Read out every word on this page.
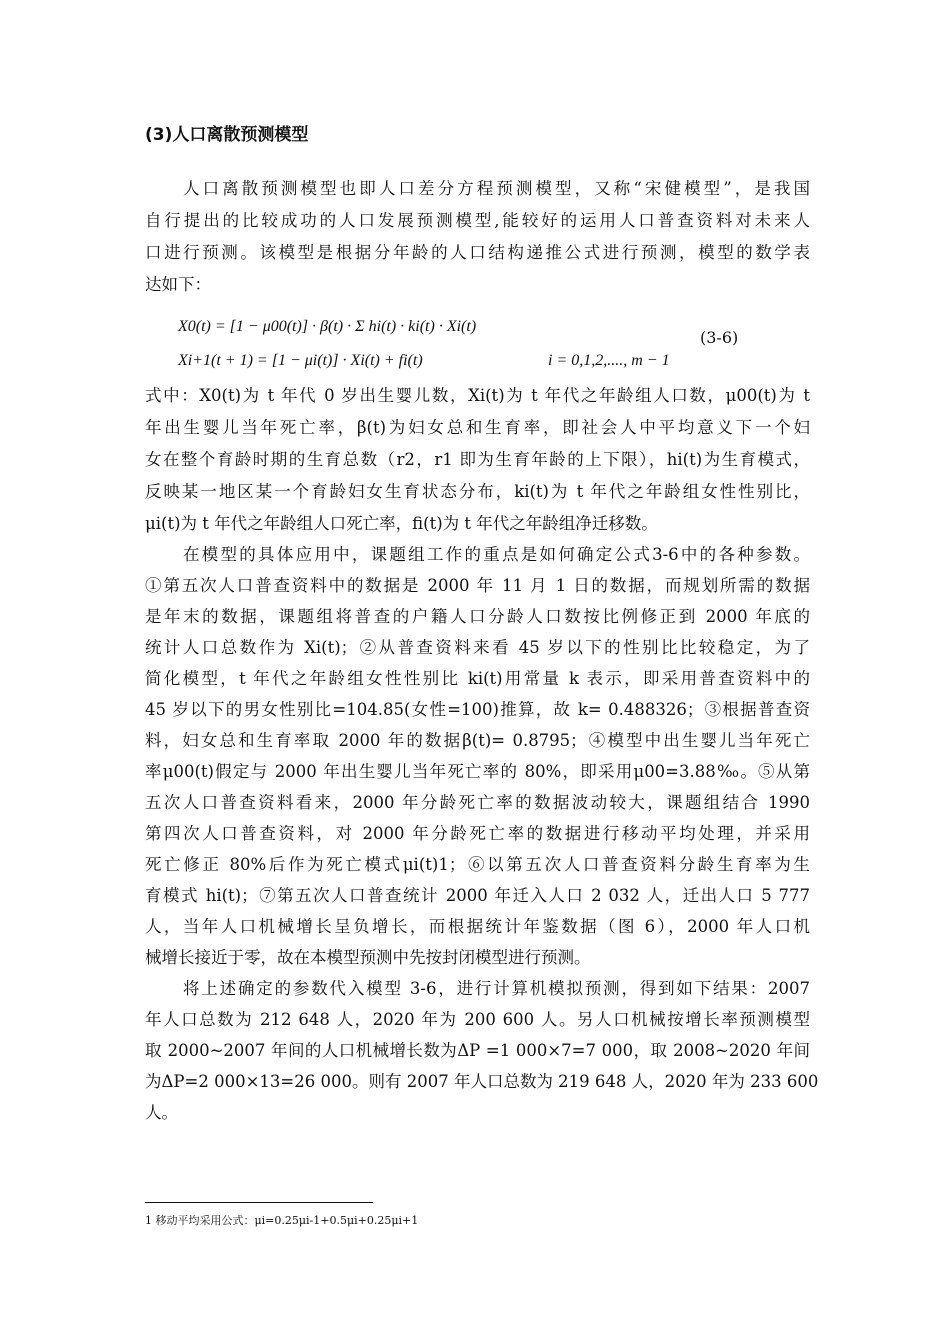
(3)人口离散预测模型
人口离散预测模型也即人口差分方程预测模型，又称“宋健模型”，是我国
自行提出的比较成功的人口发展预测模型,能较好的运用人口普查资料对未来人
口进行预测。该模型是根据分年龄的人口结构递推公式进行预测，模型的数学表
达如下：
X0(t) = [1 − μ00(t)] · β(t) · Σ hi(t) · ki(t) · Xi(t)
(3-6)
Xi+1(t + 1) = [1 − μi(t)] · Xi(t) + fi(t)	i = 0,1,2,...., m − 1
式中：X0(t)为 t 年代 0 岁出生婴儿数，Xi(t)为 t 年代之年龄组人口数，μ00(t)为 t
年出生婴儿当年死亡率，β(t)为妇女总和生育率，即社会人中平均意义下一个妇
女在整个育龄时期的生育总数（r2，r1 即为生育年龄的上下限），hi(t)为生育模式，
反映某一地区某一个育龄妇女生育状态分布，ki(t)为 t 年代之年龄组女性性别比，
μi(t)为 t 年代之年龄组人口死亡率，fi(t)为 t 年代之年龄组净迁移数。
在模型的具体应用中，课题组工作的重点是如何确定公式3-6中的各种参数。
①第五次人口普查资料中的数据是 2000 年 11 月 1 日的数据，而规划所需的数据
是年末的数据，课题组将普查的户籍人口分龄人口数按比例修正到 2000 年底的
统计人口总数作为 Xi(t)；②从普查资料来看 45 岁以下的性别比比较稳定，为了
简化模型，t 年代之年龄组女性性别比 ki(t)用常量 k 表示，即采用普查资料中的
45 岁以下的男女性别比=104.85(女性=100)推算，故 k= 0.488326；③根据普查资
料，妇女总和生育率取 2000 年的数据β(t)= 0.8795；④模型中出生婴儿当年死亡
率μ00(t)假定与 2000 年出生婴儿当年死亡率的 80%，即采用μ00=3.88‰。⑤从第
五次人口普查资料看来，2000 年分龄死亡率的数据波动较大，课题组结合 1990
第四次人口普查资料，对 2000 年分龄死亡率的数据进行移动平均处理，并采用
死亡修正 80%后作为死亡模式μi(t)1；⑥以第五次人口普查资料分龄生育率为生
育模式 hi(t)；⑦第五次人口普查统计 2000 年迁入人口 2 032 人，迁出人口 5 777
人，当年人口机械增长呈负增长，而根据统计年鉴数据（图 6），2000 年人口机
械增长接近于零，故在本模型预测中先按封闭模型进行预测。
将上述确定的参数代入模型 3-6，进行计算机模拟预测，得到如下结果：2007
年人口总数为 212 648 人，2020 年为 200 600 人。另人口机械按增长率预测模型
取 2000~2007 年间的人口机械增长数为ΔP =1 000×7=7 000，取 2008~2020 年间
为ΔP=2 000×13=26 000。则有 2007 年人口总数为 219 648 人，2020 年为 233 600
人。
1 移动平均采用公式：μi=0.25μi-1+0.5μi+0.25μi+1
